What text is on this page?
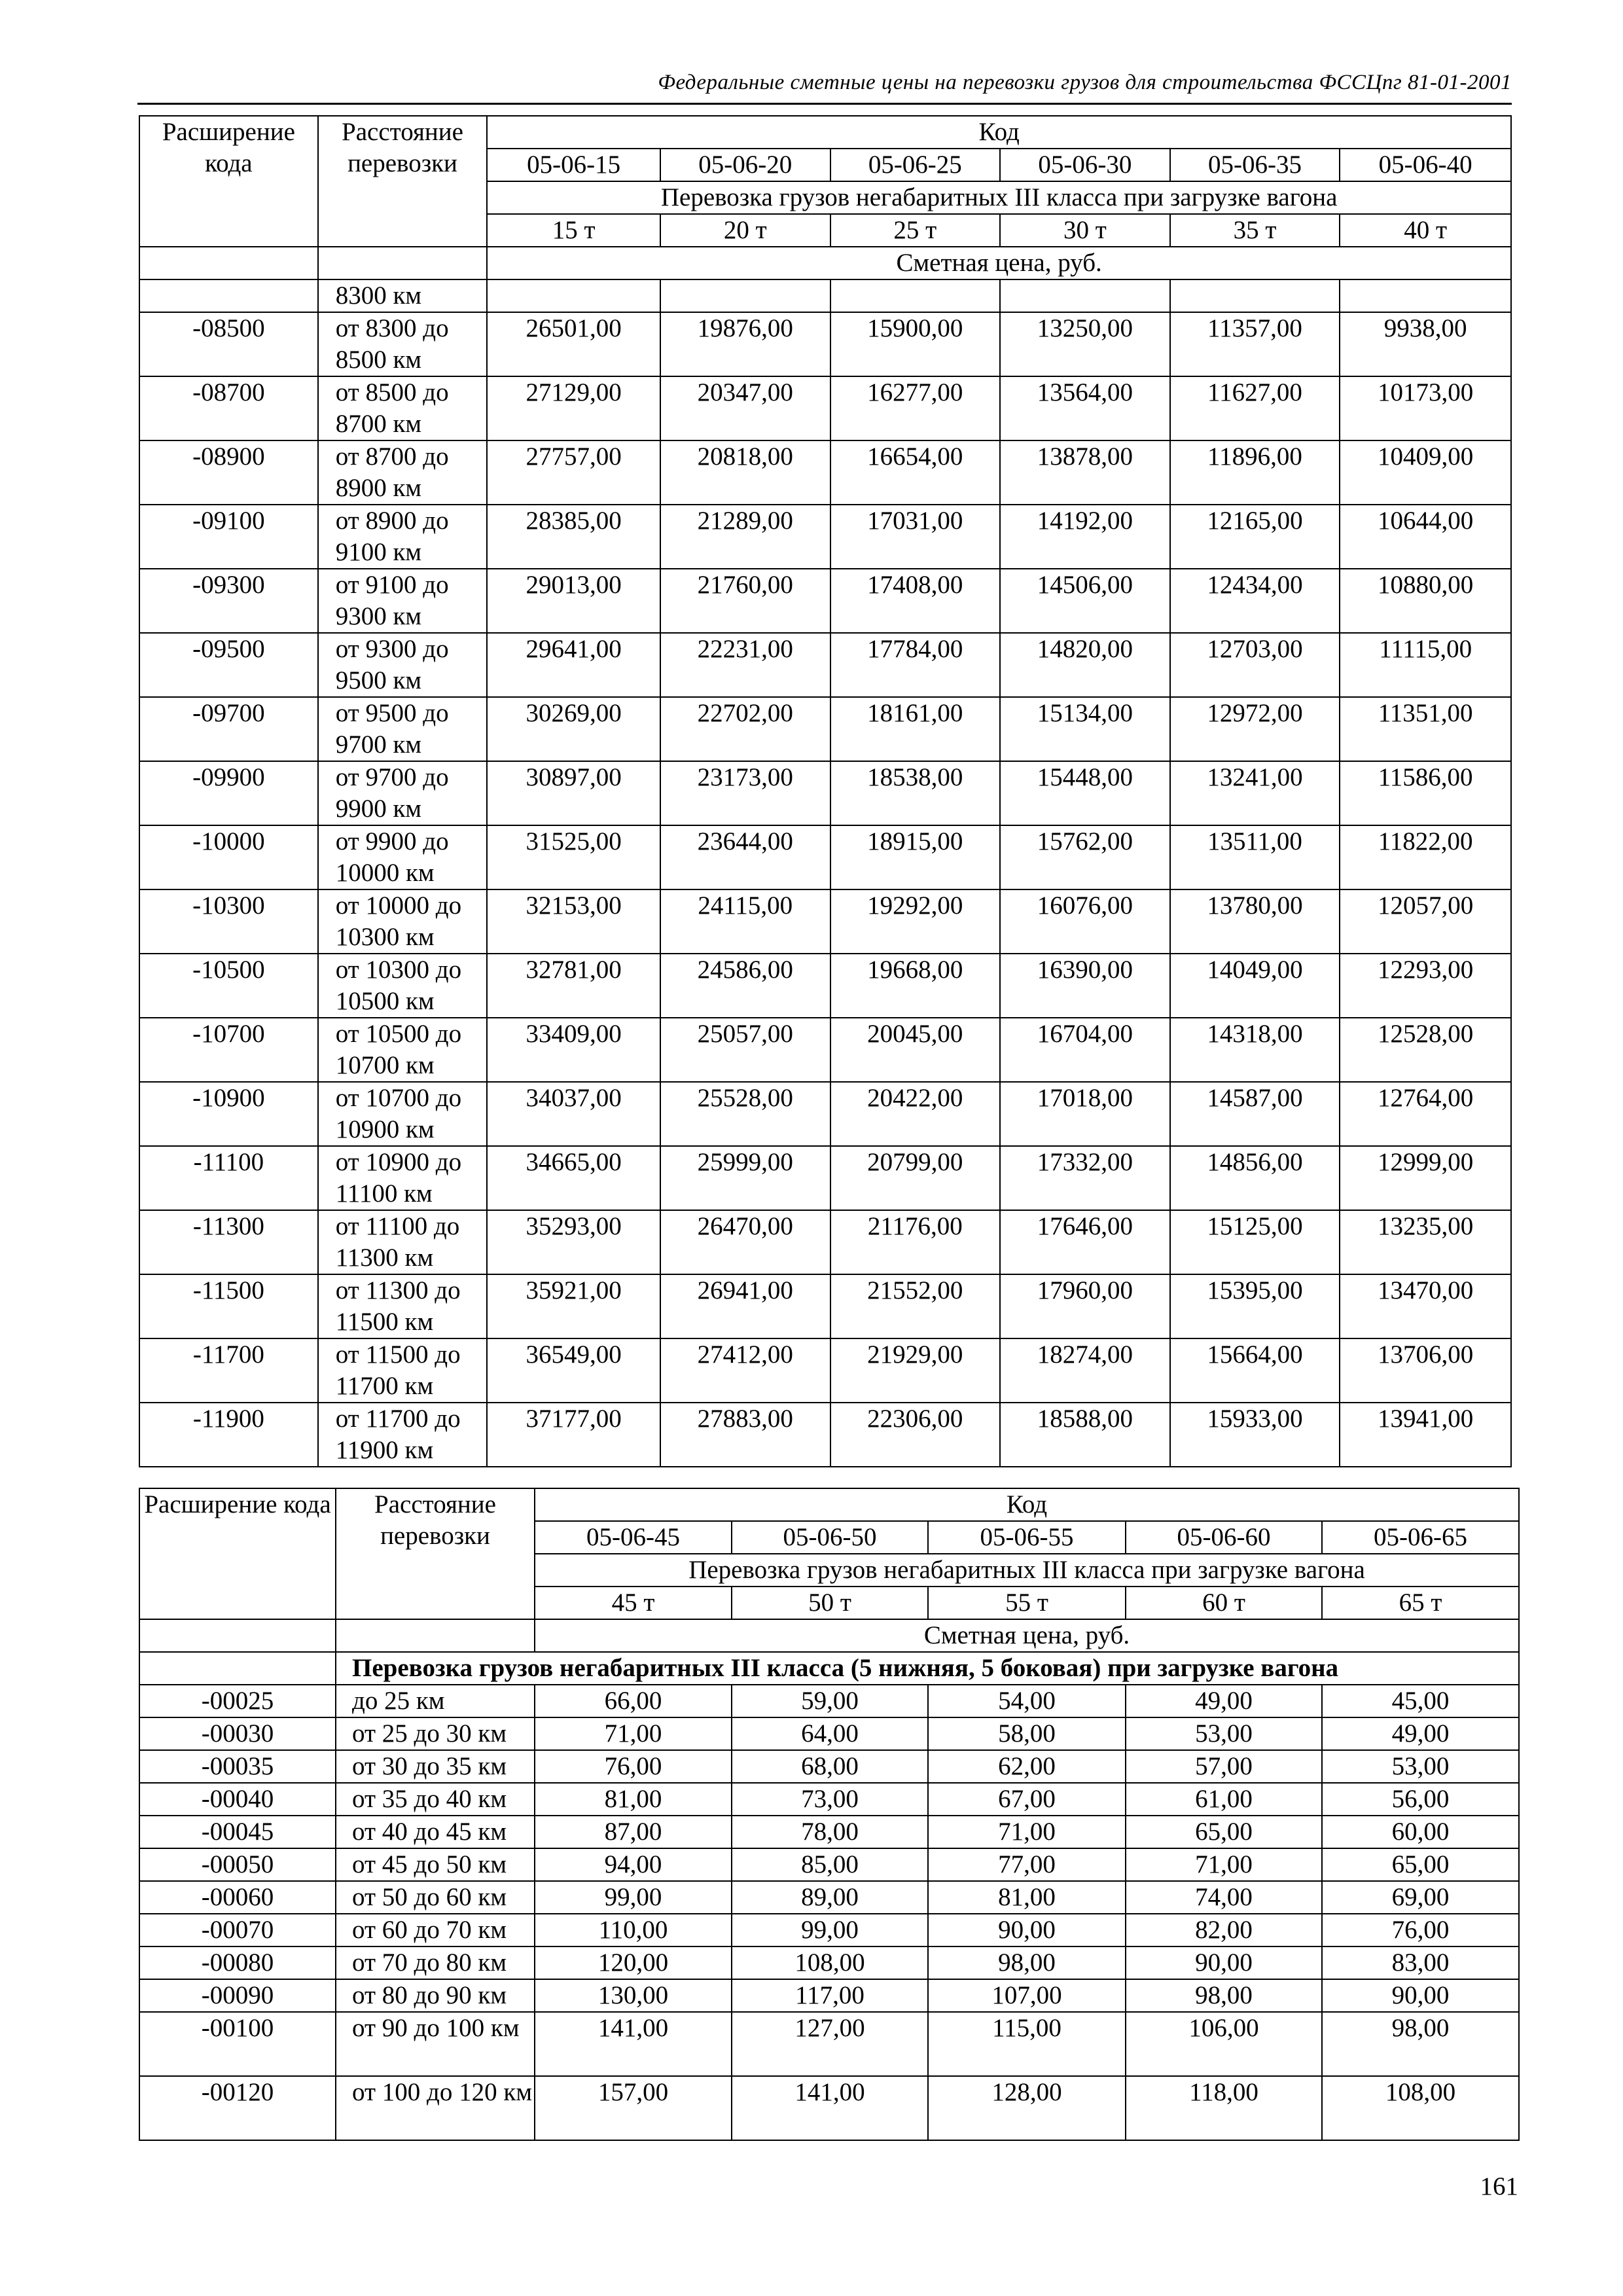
Федеральные сметные цены на перевозки грузов для строительства ФССЦпг 81-01-2001
Расширение кода	Расстояние перевозки	Код					
		05-06-15	05-06-20	05-06-25	05-06-30	05-06-35	05-06-40
		Перевозка грузов негабаритных III класса при загрузке вагона					
		15 т	20 т	25 т	30 т	35 т	40 т
		Сметная цена, руб.					
	8300 км						
-08500	от 8300 до 8500 км	26501,00	19876,00	15900,00	13250,00	11357,00	9938,00
-08700	от 8500 до 8700 км	27129,00	20347,00	16277,00	13564,00	11627,00	10173,00
-08900	от 8700 до 8900 км	27757,00	20818,00	16654,00	13878,00	11896,00	10409,00
-09100	от 8900 до 9100 км	28385,00	21289,00	17031,00	14192,00	12165,00	10644,00
-09300	от 9100 до 9300 км	29013,00	21760,00	17408,00	14506,00	12434,00	10880,00
-09500	от 9300 до 9500 км	29641,00	22231,00	17784,00	14820,00	12703,00	11115,00
-09700	от 9500 до 9700 км	30269,00	22702,00	18161,00	15134,00	12972,00	11351,00
-09900	от 9700 до 9900 км	30897,00	23173,00	18538,00	15448,00	13241,00	11586,00
-10000	от 9900 до 10000 км	31525,00	23644,00	18915,00	15762,00	13511,00	11822,00
-10300	от 10000 до 10300 км	32153,00	24115,00	19292,00	16076,00	13780,00	12057,00
-10500	от 10300 до 10500 км	32781,00	24586,00	19668,00	16390,00	14049,00	12293,00
-10700	от 10500 до 10700 км	33409,00	25057,00	20045,00	16704,00	14318,00	12528,00
-10900	от 10700 до 10900 км	34037,00	25528,00	20422,00	17018,00	14587,00	12764,00
-11100	от 10900 до 11100 км	34665,00	25999,00	20799,00	17332,00	14856,00	12999,00
-11300	от 11100 до 11300 км	35293,00	26470,00	21176,00	17646,00	15125,00	13235,00
-11500	от 11300 до 11500 км	35921,00	26941,00	21552,00	17960,00	15395,00	13470,00
-11700	от 11500 до 11700 км	36549,00	27412,00	21929,00	18274,00	15664,00	13706,00
-11900	от 11700 до 11900 км	37177,00	27883,00	22306,00	18588,00	15933,00	13941,00
Расширение кода	Расстояние перевозки	Код				
		05-06-45	05-06-50	05-06-55	05-06-60	05-06-65
		Перевозка грузов негабаритных III класса при загрузке вагона				
		45 т	50 т	55 т	60 т	65 т
		Сметная цена, руб.				
	Перевозка грузов негабаритных III класса (5 нижняя, 5 боковая) при загрузке вагона					
-00025	до 25 км	66,00	59,00	54,00	49,00	45,00
-00030	от 25 до 30 км	71,00	64,00	58,00	53,00	49,00
-00035	от 30 до 35 км	76,00	68,00	62,00	57,00	53,00
-00040	от 35 до 40 км	81,00	73,00	67,00	61,00	56,00
-00045	от 40 до 45 км	87,00	78,00	71,00	65,00	60,00
-00050	от 45 до 50 км	94,00	85,00	77,00	71,00	65,00
-00060	от 50 до 60 км	99,00	89,00	81,00	74,00	69,00
-00070	от 60 до 70 км	110,00	99,00	90,00	82,00	76,00
-00080	от 70 до 80 км	120,00	108,00	98,00	90,00	83,00
-00090	от 80 до 90 км	130,00	117,00	107,00	98,00	90,00
-00100	от 90 до 100 км	141,00	127,00	115,00	106,00	98,00
-00120	от 100 до 120 км	157,00	141,00	128,00	118,00	108,00
161
